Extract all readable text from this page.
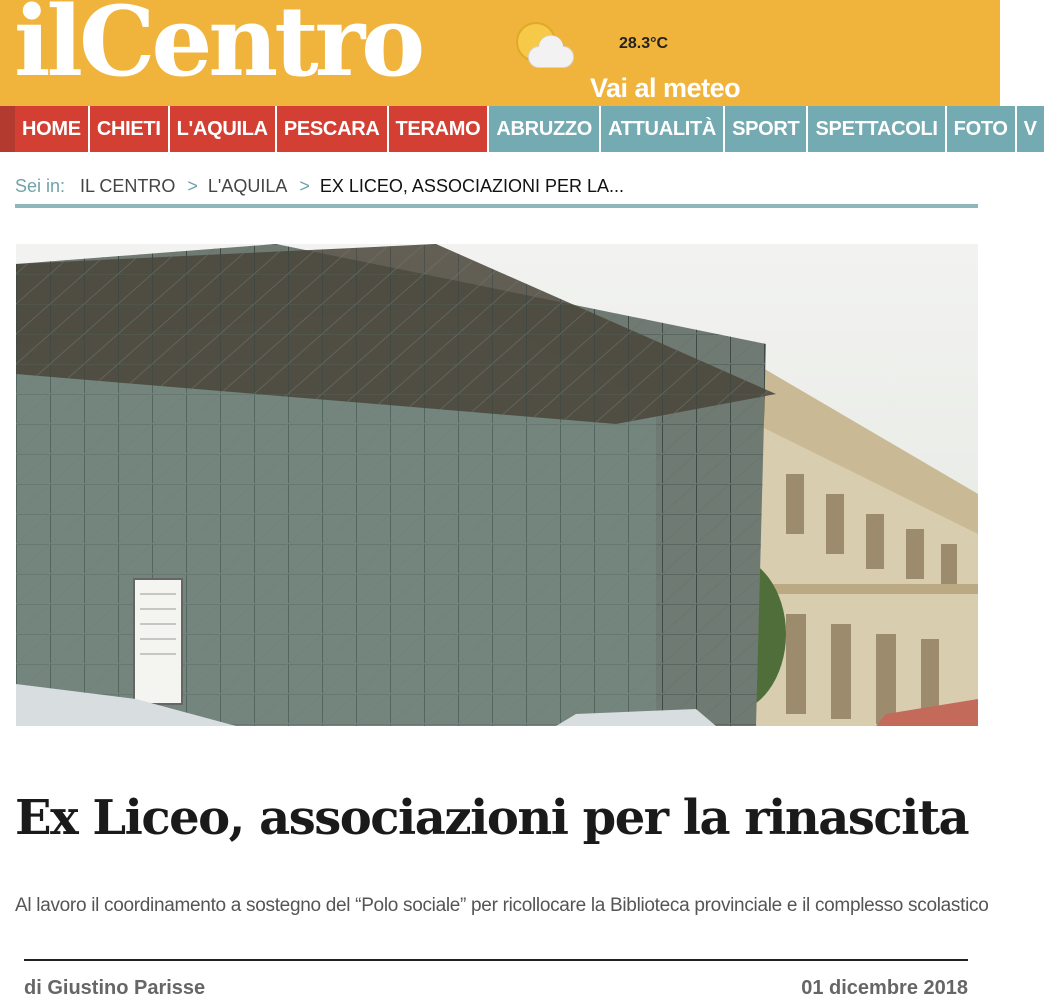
ilCentro	28.3°C
Vai al meteo
HOME CHIETI L'AQUILA PESCARA TERAMO ABRUZZO ATTUALITÀ SPORT SPETTACOLI FOTO V
Sei in: IL CENTRO > L'AQUILA > EX LICEO, ASSOCIAZIONI PER LA...
Ex Liceo, associazioni per la rinascita

Al lavoro il coordinamento a sostegno del “Polo sociale” per ricollocare la Biblioteca provinciale e il complesso scolastico

di Giustino Parisse	01 dicembre 2018
